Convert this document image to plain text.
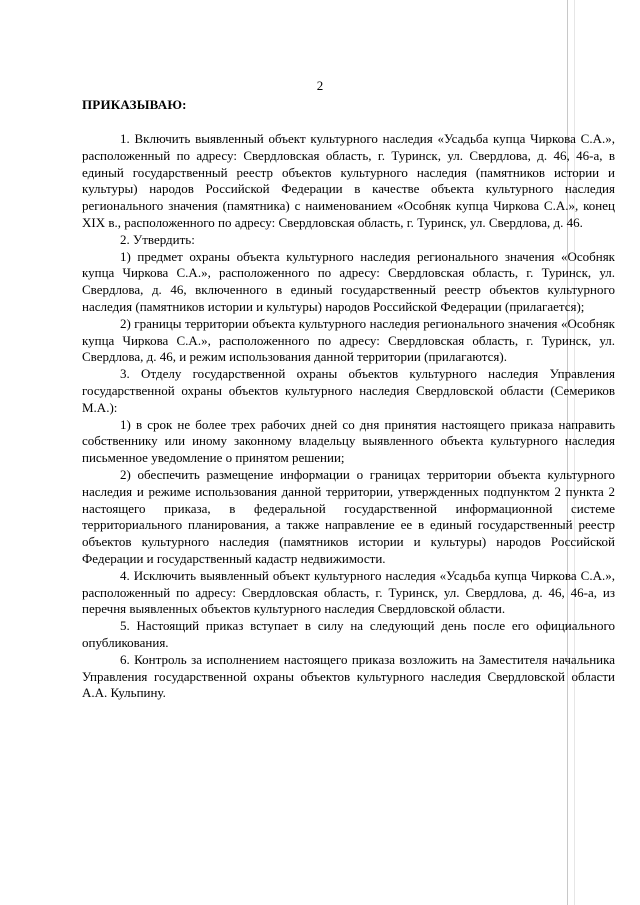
2
ПРИКАЗЫВАЮ:

1. Включить выявленный объект культурного наследия «Усадьба купца Чиркова С.А.», расположенный по адресу: Свердловская область, г. Туринск, ул. Свердлова, д. 46, 46-а, в единый государственный реестр объектов культурного наследия (памятников истории и культуры) народов Российской Федерации в качестве объекта культурного наследия регионального значения (памятника) с наименованием «Особняк купца Чиркова С.А.», конец XIX в., расположенного по адресу: Свердловская область, г. Туринск, ул. Свердлова, д. 46.

2. Утвердить:

1) предмет охраны объекта культурного наследия регионального значения «Особняк купца Чиркова С.А.», расположенного по адресу: Свердловская область, г. Туринск, ул. Свердлова, д. 46, включенного в единый государственный реестр объектов культурного наследия (памятников истории и культуры) народов Российской Федерации (прилагается);

2) границы территории объекта культурного наследия регионального значения «Особняк купца Чиркова С.А.», расположенного по адресу: Свердловская область, г. Туринск, ул. Свердлова, д. 46, и режим использования данной территории (прилагаются).

3. Отделу государственной охраны объектов культурного наследия Управления государственной охраны объектов культурного наследия Свердловской области (Семериков М.А.):

1) в срок не более трех рабочих дней со дня принятия настоящего приказа направить собственнику или иному законному владельцу выявленного объекта культурного наследия письменное уведомление о принятом решении;

2) обеспечить размещение информации о границах территории объекта культурного наследия и режиме использования данной территории, утвержденных подпунктом 2 пункта 2 настоящего приказа, в федеральной государственной информационной системе территориального планирования, а также направление ее в единый государственный реестр объектов культурного наследия (памятников истории и культуры) народов Российской Федерации и государственный кадастр недвижимости.

4. Исключить выявленный объект культурного наследия «Усадьба купца Чиркова С.А.», расположенный по адресу: Свердловская область, г. Туринск, ул. Свердлова, д. 46, 46-а, из перечня выявленных объектов культурного наследия Свердловской области.

5. Настоящий приказ вступает в силу на следующий день после его официального опубликования.

6. Контроль за исполнением настоящего приказа возложить на Заместителя начальника Управления государственной охраны объектов культурного наследия Свердловской области А.А. Кульпину.
